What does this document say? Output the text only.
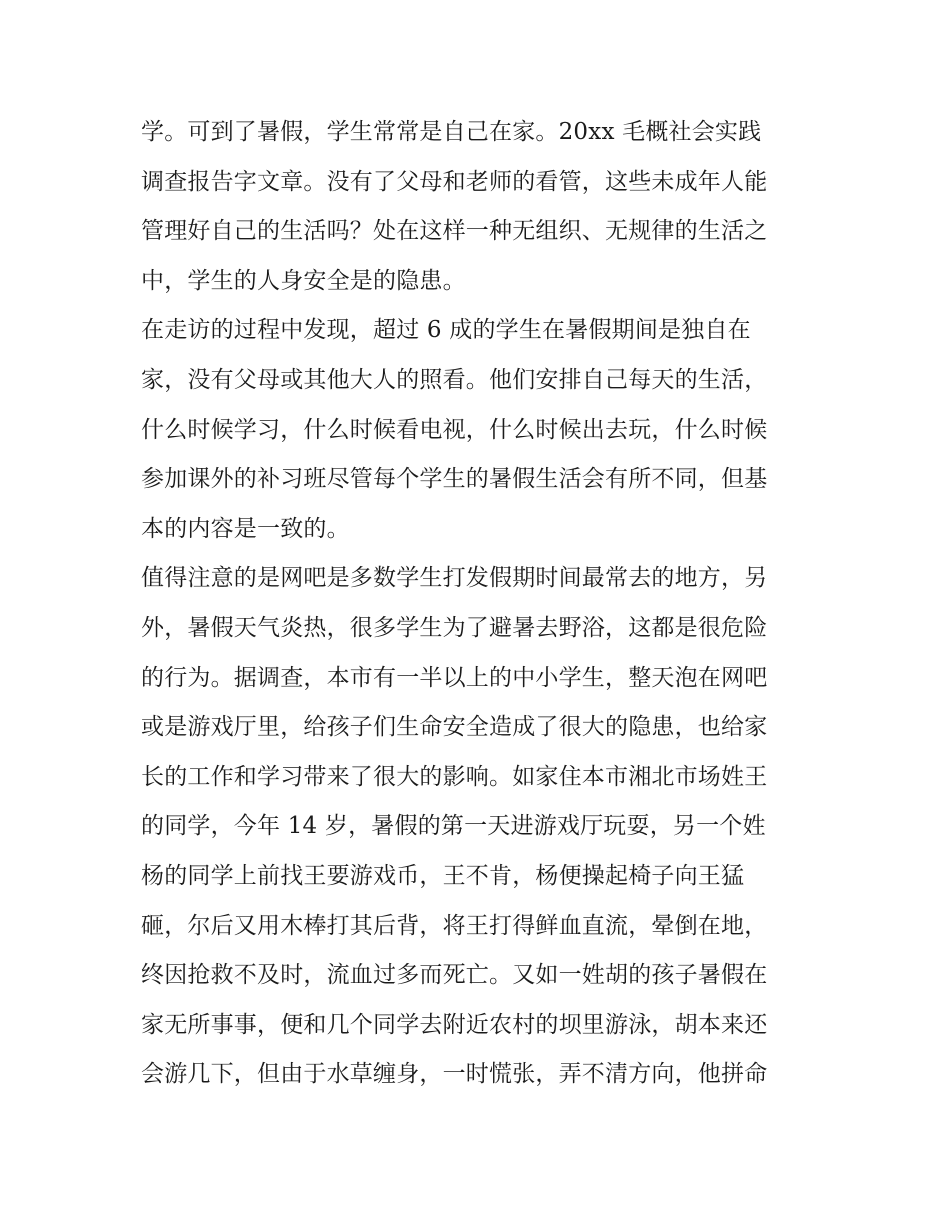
学。可到了暑假，学生常常是自己在家。20xx 毛概社会实践
调查报告字文章。没有了父母和老师的看管，这些未成年人能
管理好自己的生活吗？处在这样一种无组织、无规律的生活之
中，学生的人身安全是的隐患。

在走访的过程中发现，超过 6 成的学生在暑假期间是独自在
家，没有父母或其他大人的照看。他们安排自己每天的生活，
什么时候学习，什么时候看电视，什么时候出去玩，什么时候
参加课外的补习班尽管每个学生的暑假生活会有所不同，但基
本的内容是一致的。

值得注意的是网吧是多数学生打发假期时间最常去的地方，另
外，暑假天气炎热，很多学生为了避暑去野浴，这都是很危险
的行为。据调查，本市有一半以上的中小学生，整天泡在网吧
或是游戏厅里，给孩子们生命安全造成了很大的隐患，也给家
长的工作和学习带来了很大的影响。如家住本市湘北市场姓王
的同学，今年 14 岁，暑假的第一天进游戏厅玩耍，另一个姓
杨的同学上前找王要游戏币，王不肯，杨便操起椅子向王猛
砸，尔后又用木棒打其后背，将王打得鲜血直流，晕倒在地，
终因抢救不及时，流血过多而死亡。又如一姓胡的孩子暑假在
家无所事事，便和几个同学去附近农村的坝里游泳，胡本来还
会游几下，但由于水草缠身，一时慌张，弄不清方向，他拼命
